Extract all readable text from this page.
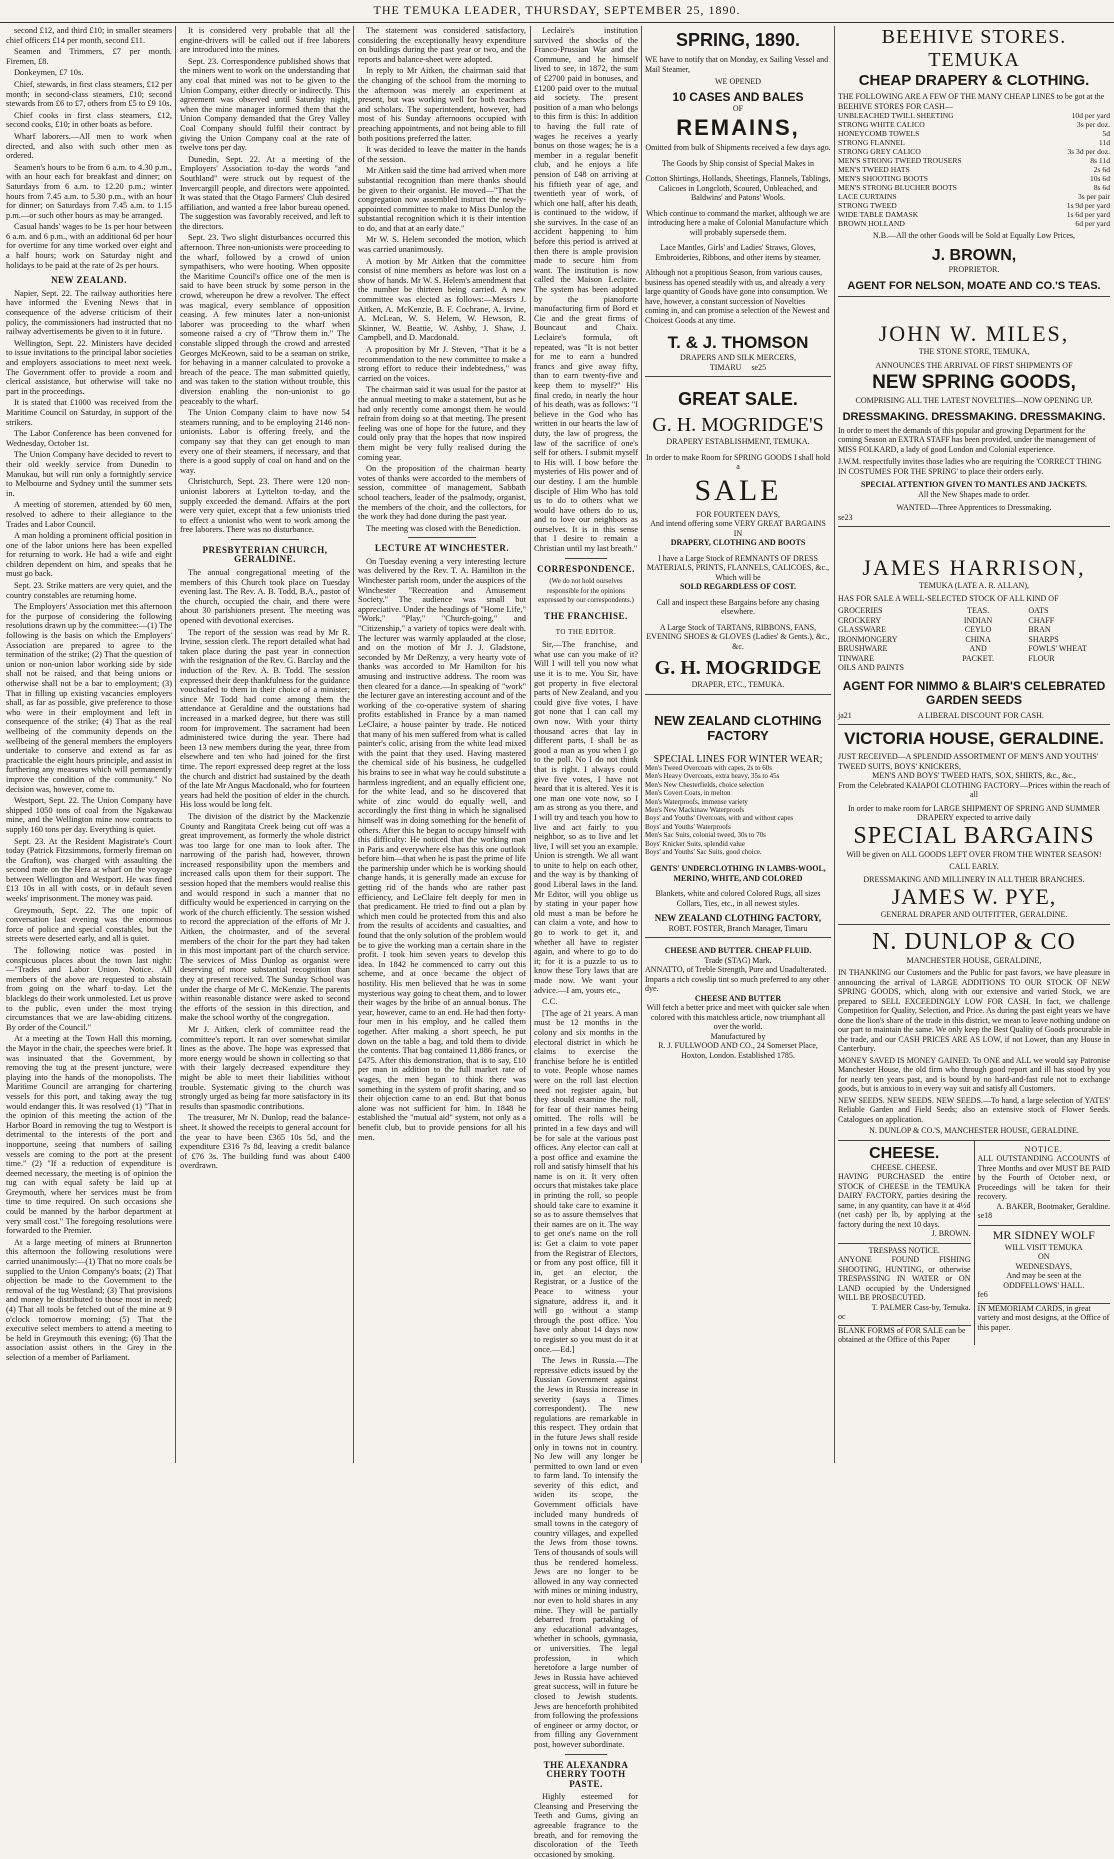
THE TEMUKA LEADER, THURSDAY, SEPTEMBER 25, 1890.

second £12, and third £10; in smaller steamers chief officers £14 per month, second £11.

Seamen and Trimmers, £7 per month. Firemen, £8.

Donkeymen, £7 10s.

Chief, stewards, in first class steamers, £12 per month; in second-class steamers, £10; second stewards from £6 to £7, others from £5 to £9 10s.

Chief cooks in first class steamers, £12, second cooks, £10; in other boats as before.

Wharf laborers.—All men to work when directed, and also with such other men as ordered.

Seamen's hours to be from 6 a.m. to 4.30 p.m., with an hour each for breakfast and dinner; on Saturdays from 6 a.m. to 12.20 p.m.; winter hours from 7.45 a.m. to 5.30 p.m., with an hour for dinner; on Saturdays from 7.45 a.m. to 1.15 p.m.—or such other hours as may be arranged.

Casual hands' wages to be 1s per hour between 6 a.m. and 6 p.m., with an additional 6d per hour for overtime for any time worked over eight and a half hours; work on Saturday night and holidays to be paid at the rate of 2s per hours.

NEW ZEALAND.

Napier, Sept. 22. The railway authorities here have informed the Evening News that in consequence of the adverse criticism of their policy, the commissioners had instructed that no railway advertisements be given to it in future.

Wellington, Sept. 22. Ministers have decided to issue invitations to the principal labor societies and employers associations to meet next week. The Government offer to provide a room and clerical assistance, but otherwise will take no part in the proceedings.

It is stated that £1000 was received from the Maritime Council on Saturday, in support of the strikers.

The Labor Conference has been convened for Wednesday, October 1st.

The Union Company have decided to revert to their old weekly service from Dunedin to Manukau, but will run only a fortnightly service to Melbourne and Sydney until the summer sets in.

A meeting of storemen, attended by 60 men, resolved to adhere to their allegiance to the Trades and Labor Council.

A man holding a prominent official position in one of the labor unions here has been expelled for returning to work. He had a wife and eight children dependent on him, and speaks that he must go back.

Sept. 23. Strike matters are very quiet, and the country constables are returning home.

The Employers' Association met this afternoon for the purpose of considering the following resolutions drawn up by the committee:—(1) The following is the basis on which the Employers' Association are prepared to agree to the termination of the strike; (2) That the question of union or non-union labor working side by side shall not be raised, and that being unions or otherwise shall not be a bar to employment; (3) That in filling up existing vacancies employers shall, as far as possible, give preference to those who were in their employment and left in consequence of the strike; (4) That as the real wellbeing of the community depends on the wellbeing of the general members the employers undertake to conserve and extend as far as practicable the eight hours principle, and assist in furthering any measures which will permanently improve the condition of the community." No decision was, however, come to.

Westport, Sept. 22. The Union Company have shipped 1050 tons of coal from the Ngakawau mine, and the Wellington mine now contracts to supply 160 tons per day. Everything is quiet.

Sept. 23. At the Resident Magistrate's Court today (Patrick Fitzsimmons, formerly fireman on the Grafton), was charged with assaulting the second mate on the Hera at wharf on the voyage between Wellington and Westport. He was fined £13 10s in all with costs, or in default seven weeks' imprisonment. The money was paid.

Greymouth, Sept. 22. The one topic of conversation last evening was the enormous force of police and special constables, but the streets were deserted early, and all is quiet.

The following notice was posted in conspicuous places about the town last night:—"Trades and Labor Union. Notice. All members of the above are requested to abstain from going on the wharf to-day. Let the blacklegs do their work unmolested. Let us prove to the public, even under the most trying circumstances that we are law-abiding citizens. By order of the Council."

At a meeting at the Town Hall this morning, the Mayor in the chair, the speeches were brief. It was insinuated that the Government, by removing the tug at the present juncture, were playing into the hands of the monopolists. The Maritime Council are arranging for chartering vessels for this port, and taking away the tug would endanger this. It was resolved (1) "That in the opinion of this meeting the action of the Harbor Board in removing the tug to Westport is detrimental to the interests of the port and inopportune, seeing that numbers of sailing vessels are coming to the port at the present time." (2) "If a reduction of expenditure is deemed necessary, the meeting is of opinion the tug can with equal safety be laid up at Greymouth, where her services must be from time to time required. On such occasions she could be manned by the harbor department at very small cost." The foregoing resolutions were forwarded to the Premier.

At a large meeting of miners at Brunnerton this afternoon the following resolutions were carried unanimously:—(1) That no more coals be supplied to the Union Company's boats; (2) That objection be made to the Government to the removal of the tug Westland; (3) That provisions and money be distributed to those most in need; (4) That all tools be fetched out of the mine at 9 o'clock tomorrow morning; (5) That the executive select members to attend a meeting to be held in Greymouth this evening; (6) That the association assist others in the Grey in the selection of a member of Parliament.

It is considered very probable that all the engine-drivers will be called out if free laborers are introduced into the mines.

Sept. 23. Correspondence published shows that the miners went to work on the understanding that any coal that mined was not to be given to the Union Company, either directly or indirectly. This agreement was observed until Saturday night, when the mine manager informed them that the Union Company demanded that the Grey Valley Coal Company should fulfil their contract by giving the Union Company coal at the rate of twelve tons per day.

Dunedin, Sept. 22. At a meeting of the Employers' Association to-day the words "and Southland" were struck out by request of the Invercargill people, and directors were appointed. It was stated that the Otago Farmers' Club desired affiliation, and wanted a free labor bureau opened. The suggestion was favorably received, and left to the directors.

Sept. 23. Two slight disturbances occurred this afternoon. Three non-unionists were proceeding to the wharf, followed by a crowd of union sympathisers, who were hooting. When opposite the Maritime Council's office one of the men is said to have been struck by some person in the crowd, whereupon he drew a revolver. The effect was magical, every semblance of opposition ceasing. A few minutes later a non-unionist laborer was proceeding to the wharf when someone raised a cry of "Throw them in." The constable slipped through the crowd and arrested Georges McKeown, said to be a seaman on strike, for behaving in a manner calculated to provoke a breach of the peace. The man submitted quietly, and was taken to the station without trouble, this diversion enabling the non-unionist to go peaceably to the wharf.

The Union Company claim to have now 54 steamers running, and to be employing 2146 non-unionists. Labor is offering freely, and the company say that they can get enough to man every one of their steamers, if necessary, and that there is a good supply of coal on hand and on the way.

Christchurch, Sept. 23. There were 120 non-unionist laborers at Lyttelton to-day, and the supply exceeded the demand. Affairs at the port were very quiet, except that a few unionists tried to effect a unionist who went to work among the free laborers. There was no disturbance.

PRESBYTERIAN CHURCH, GERALDINE.

The annual congregational meeting of the members of this Church took place on Tuesday evening last. The Rev. A. B. Todd, B.A., pastor of the church, occupied the chair, and there were about 30 parishioners present. The meeting was opened with devotional exercises.

The report of the session was read by Mr R. Irvine, session clerk. The report detailed what had taken place during the past year in connection with the resignation of the Rev. G. Barclay and the induction of the Rev. A. B. Todd. The session expressed their deep thankfulness for the guidance vouchsafed to them in their choice of a minister; since Mr Todd had come among them the attendance at Geraldine and the outstations had increased in a marked degree, but there was still room for improvement. The sacrament had been administered twice during the year. There had been 13 new members during the year, three from elsewhere and ten who had joined for the first time. The report expressed deep regret at the loss the church and district had sustained by the death of the late Mr Angus Macdonald, who for fourteen years had held the position of elder in the church. His loss would be long felt.

The division of the district by the Mackenzie County and Rangitata Creek being cut off was a great improvement, as formerly the whole district was too large for one man to look after. The narrowing of the parish had, however, thrown increased responsibility upon the members and increased calls upon them for their support. The session hoped that the members would realise this and would respond in such a manner that no difficulty would be experienced in carrying on the work of the church efficiently. The session wished to record the appreciation of the efforts of Mr J. Aitken, the choirmaster, and of the several members of the choir for the part they had taken in this most important part of the church service. The services of Miss Dunlop as organist were deserving of more substantial recognition than they at present received. The Sunday School was under the charge of Mr C. McKenzie. The parents within reasonable distance were asked to second the efforts of the session in this direction, and make the school worthy of the congregation.

Mr J. Aitken, clerk of committee read the committee's report. It ran over somewhat similar lines as the above. The hope was expressed that more energy would be shown in collecting so that with their largely decreased expenditure they might be able to meet their liabilities without trouble. Systematic giving to the church was strongly urged as being far more satisfactory in its results than spasmodic contributions.

The treasurer, Mr N. Dunlop, read the balance-sheet. It showed the receipts to general account for the year to have been £365 10s 5d, and the expenditure £316 7s 8d, leaving a credit balance of £76 3s. The building fund was about £400 overdrawn.

The statement was considered satisfactory, considering the exceptionally heavy expenditure on buildings during the past year or two, and the reports and balance-sheet were adopted.

In reply to Mr Aitken, the chairman said that the changing of the school from the morning to the afternoon was merely an experiment at present, but was working well for both teachers and scholars. The superintendent, however, had most of his Sunday afternoons occupied with preaching appointments, and not being able to fill both positions preferred the latter.

It was decided to leave the matter in the hands of the session.

Mr Aitken said the time had arrived when more substantial recognition than mere thanks should be given to their organist. He moved—"That the congregation now assembled instruct the newly-appointed committee to make to Miss Dunlop the substantial recognition which it is their intention to do, and that at an early date."

Mr W. S. Helem seconded the motion, which was carried unanimously.

A motion by Mr Aitken that the committee consist of nine members as before was lost on a show of hands. Mr W. S. Helem's amendment that the number be thirteen being carried. A new committee was elected as follows:—Messrs J. Aitken, A. McKenzie, B. F. Cochrane, A. Irvine, A. McLean, W. S. Helem, W. Hewson, R. Skinner, W. Beattie, W. Ashby, J. Shaw, J. Campbell, and D. Macdonald.

A proposition by Mr J. Steven, "That it be a recommendation to the new committee to make a strong effort to reduce their indebtedness," was carried on the voices.

The chairman said it was usual for the pastor at the annual meeting to make a statement, but as he had only recently come amongst them he would refrain from doing so at that meeting. The present feeling was one of hope for the future, and they could only pray that the hopes that now inspired them might be very fully realised during the coming year.

On the proposition of the chairman hearty votes of thanks were accorded to the members of session, committee of management, Sabbath school teachers, leader of the psalmody, organist, the members of the choir, and the collectors, for the work they had done during the past year.

The meeting was closed with the Benediction.

LECTURE AT WINCHESTER.

On Tuesday evening a very interesting lecture was delivered by the Rev. T. A. Hamilton in the Winchester parish room, under the auspices of the Winchester "Recreation and Amusement Society." The audience was small but appreciative. Under the headings of "Home Life," "Work," "Play," "Church-going," and "Citizenship," a variety of topics were dealt with. The lecturer was warmly applauded at the close, and on the motion of Mr J. J. Gladstone, seconded by Mr DeRenzy, a very hearty vote of thanks was accorded to Mr Hamilton for his amusing and instructive address. The room was then cleared for a dance.—In speaking of "work" the lecturer gave an interesting account and of the working of the co-operative system of sharing profits established in France by a man named LeClaire, a house painter by trade. He noticed that many of his men suffered from what is called painter's colic, arising from the white lead mixed with the paint that they used. Having mastered the chemical side of his business, he cudgelled his brains to see in what way he could substitute a harmless ingredient, and an equally efficient one, for the white lead, and so he discovered that white of zinc would do equally well, and accordingly the first thing in which he signalised himself was in doing something for the benefit of others. After this he began to occupy himself with this difficulty: He noticed that the working man in Paris and everywhere else has this one outlook before him—that when he is past the prime of life the partnership under which he is working should change hands, it is generally made an excuse for getting rid of the hands who are rather past efficiency, and LeClaire felt deeply for men in that predicament. He tried to find out a plan by which men could be protected from this and also from the results of accidents and casualties, and found that the only solution of the problem would be to give the working man a certain share in the profit. I took him seven years to develop this idea. In 1842 he commenced to carry out this scheme, and at once became the object of hostility. His men believed that he was in some mysterious way going to cheat them, and to lower their wages by the bribe of an annual bonus. The year, however, came to an end. He had then forty-four men in his employ, and he called them together. After making a short speech, he put down on the table a bag, and told them to divide the contents. That bag contained 11,886 francs, or £475. After this demonstration, that is to say, £10 per man in addition to the full market rate of wages, the men began to think there was something in the system of profit sharing, and so their objection came to an end. But that bonus alone was not sufficient for him. In 1848 he established the "mutual aid" system, not only as a benefit club, but to provide pensions for all his men.

Leclaire's institution survived the shocks of the Franco-Prussian War and the Commune, and he himself lived to see, in 1872, the sum of £2700 paid in bonuses, and £1200 paid over to the mutual aid society. The present position of a man who belongs to this firm is this: In addition to having the full rate of wages he receives a yearly bonus on those wages; he is a member in a regular benefit club, and he enjoys a life pension of £48 on arriving at his fiftieth year of age, and twentieth year of work, of which one half, after his death, is continued to the widow, if she survives. In the case of an accident happening to him before this period is arrived at then there is ample provision made to secure him from want. The institution is now called the Maison Leclaire. The system has been adopted by the pianoforte manufacturing firm of Bord et Cie and the great firms of Bouncaut and Chaix. Leclaire's formula, oft repeated, was "It is not better for me to earn a hundred francs and give away fifty, than to earn twenty-five and keep them to myself?" His final credo, in nearly the hour of his death, was as follows: "I believe in the God who has written in our hearts the law of duty, the law of progress, the law of the sacrifice of one's self for others. I submit myself to His will. I bow before the mysteries of His power and of our destiny. I am the humble disciple of Him Who has told us to do to others what we would have others do to us, and to love our neighbors as ourselves. It is in this sense that I desire to remain a Christian until my last breath."

CORRESPONDENCE.

(We do not hold ourselves responsible for the opinions expressed by our correspondents.)

THE FRANCHISE.
TO THE EDITOR.

Sir,—The franchise, and what use can you make of it? Will I will tell you now what use it is to me. You Sir, have got property in five electoral parts of New Zealand, and you could give five votes, I have got none that I can call my own now. With your thirty thousand acres that lay in different parts, I shall be as good a man as you when I go to the poll. No I do not think that is right. I always could give five votes, I have not heard that it is altered. Yes it is one man one vote now, so I am as strong as you there, and I will try and teach you how to live and act fairly to you neighbor, so as to live and let live, I will set you an example. Union is strength. We all want to unite to help on each other, and the way is by thanking of good Liberal laws in the land. Mr Editor, will you oblige us by stating in your paper how old must a man be before he can claim a vote, and how to go to work to get it, and whether all have to register again, and where to go to do it; for it is a puzzle to us to know these Tory laws that are made now. We want your advice.—I am, yours etc.,

C.C.

[The age of 21 years. A man must be 12 months in the colony and six months in the electoral district in which he claims to exercise the franchise before he is entitled to vote. People whose names were on the roll last election need not register again, but they should examine the roll, for fear of their names being omitted. The rolls will be printed in a few days and will be for sale at the various post offices. Any elector can call at a post office and examine the roll and satisfy himself that his name is on it. It very often occurs that mistakes take place in printing the roll, so people should take care to examine it so as to assure themselves that their names are on it. The way to get one's name on the roll is: Get a claim to vote paper from the Registrar of Electors, or from any post office, fill it in, get an elector, the Registrar, or a Justice of the Peace to witness your signature, address it, and it will go without a stamp through the post office. You have only about 14 days now to register so you must do it at once.—Ed.]

The Jews in Russia.—The repressive edicts issued by the Russian Government against the Jews in Russia increase in severity (says a Times correspondent). The new regulations are remarkable in this respect. They ordain that in the future Jews shall reside only in towns not in country. No Jew will any longer be permitted to own land or even to farm land. To intensify the severity of this edict, and widen its scope, the Government officials have included many hundreds of small towns in the category of country villages, and expelled the Jews from those towns. Tens of thousands of souls will thus be rendered homeless. Jews are no longer to be allowed in any way connected with mines or mining industry, nor even to hold shares in any mine. They will be partially debarred from partaking of any educational advantages, whether in schools, gymnasia, or universities. The legal profession, in which heretofore a large number of Jews in Russia have achieved great success, will in future be closed to Jewish students. Jews are henceforth prohibited from following the professions of engineer or army doctor, or from filling any Government post, however subordinate.

THE ALEXANDRA CHERRY TOOTH PASTE.

Highly esteemed for Cleansing and Preserving the Teeth and Gums, giving an agreeable fragrance to the breath, and for removing the discoloration of the Teeth occasioned by smoking.

SPRING, 1890.
WE have to notify that on Monday, ex Sailing Vessel and Mail Steamer,
WE OPENED
10 CASES AND BALES
OF
REMAINS,
Omitted from bulk of Shipments received a few days ago.
The Goods by Ship consist of Special Makes in
Cotton Shirtings, Hollands, Sheetings, Flannels, Tablings, Calicoes in Longcloth, Scoured, Unbleached, and Baldwins' and Patons' Wools.
Which continue to command the market, although we are introducing here a make of Colonial Manufacture which will probably supersede them.
Lace Mantles, Girls' and Ladies' Straws, Gloves, Embroideries, Ribbons, and other items by steamer.
Although not a propitious Season, from various causes, business has opened steadily with us, and already a very large quantity of Goods have gone into consumption. We have, however, a constant succession of Novelties coming in, and can promise a selection of the Newest and Choicest Goods at any time.
T. & J. THOMSON
DRAPERS AND SILK MERCERS,
TIMARU se25
GREAT SALE.
G. H. MOGRIDGE'S
DRAPERY ESTABLISHMENT, TEMUKA.
In order to make Room for SPRING GOODS I shall hold a
SALE
FOR FOURTEEN DAYS,
And intend offering some VERY GREAT BARGAINS
IN
DRAPERY, CLOTHING AND BOOTS
I have a Large Stock of REMNANTS OF DRESS MATERIALS, PRINTS, FLANNELS, CALICOES, &c.,
Which will be
SOLD REGARDLESS OF COST.
Call and inspect these Bargains before any chasing elsewhere.
A Large Stock of TARTANS, RIBBONS, FANS, EVENING SHOES & GLOVES (Ladies' & Gents.), &c., &c.
G. H. MOGRIDGE
DRAPER, ETC., TEMUKA.
NEW ZEALAND CLOTHING FACTORY
SPECIAL LINES FOR WINTER WEAR;
Men's Tweed Overcoats with capes, 2s to 60s
Men's Heavy Overcoats, extra heavy, 35s to 45s
Men's New Chesterfields, choice selection
Men's Covert Coats, in melton
Men's Waterproofs, immense variety
Men's New Mackinaw Waterproofs
Boys' and Youths' Overcoats, with and without capes
Boys' and Youths' Waterproofs
Men's Sac Suits, colonial tweed, 30s to 70s
Boys' Knicker Suits, splendid value
Boys' and Youths' Sac Suits, good choice.
GENTS' UNDERCLOTHING IN LAMBS-WOOL, MERINO, WHITE, AND COLORED
Blankets, white and colored Colored Rugs, all sizes Collars, Ties, etc., in all newest styles.
NEW ZEALAND CLOTHING FACTORY,
ROBT. FOSTER, Branch Manager, Timaru
CHEESE AND BUTTER. CHEAP FLUID.
Trade (STAG) Mark.
ANNATTO, of Treble Strength, Pure and Unadulterated. Imparts a rich cowslip tint so much preferred to any other dye.
CHEESE AND BUTTER
Will fetch a better price and meet with quicker sale when colored with this matchless article, now triumphant all over the world.
Manufactured by
R. J. FULLWOOD AND CO., 24 Somerset Place, Hoxton, London. Established 1785.
BEEHIVE STORES. TEMUKA
CHEAP DRAPERY & CLOTHING.
THE FOLLOWING ARE A FEW OF THE MANY CHEAP LINES to be got at the BEEHIVE STORES FOR CASH—
UNBLEACHED TWILL SHEETING	10d per yard
STRONG WHITE CALICO	3s per doz.
HONEYCOMB TOWELS	5d
STRONG FLANNEL	11d
STRONG GREY CALICO	3s 3d per doz.
MEN'S STRONG TWEED TROUSERS	8s 11d
MEN'S TWEED HATS	2s 6d
MEN'S SHOOTING BOOTS	10s 6d
MEN'S STRONG BLUCHER BOOTS	8s 6d
LACE CURTAINS	3s per pair
STRONG TWEED	1s 9d per yard
WIDE TABLE DAMASK	1s 6d per yard
BROWN HOLLAND	6d per yard
N.B.—All the other Goods will be Sold at Equally Low Prices,
J. BROWN,
PROPRIETOR.
AGENT FOR NELSON, MOATE AND CO.'S TEAS.
JOHN W. MILES,
THE STONE STORE, TEMUKA,
ANNOUNCES THE ARRIVAL OF FIRST SHIPMENTS OF
NEW SPRING GOODS,
COMPRISING ALL THE LATEST NOVELTIES—NOW OPENING UP.
DRESSMAKING. DRESSMAKING. DRESSMAKING.
In order to meet the demands of this popular and growing Department for the coming Season an EXTRA STAFF has been provided, under the management of MISS FOLKARD, a lady of good London and Colonial experience.
J.W.M. respectfully invites those ladies who are requiring the 'CORRECT THING IN COSTUMES FOR THE SPRING' to place their orders early.
SPECIAL ATTENTION GIVEN TO MANTLES AND JACKETS.
All the New Shapes made to order.
WANTED—Three Apprentices to Dressmaking.
se23
JAMES HARRISON,
TEMUKA (LATE A. R. ALLAN),
HAS FOR SALE A WELL-SELECTED STOCK OF ALL KIND OF
GROCERIES
CROCKERY
GLASSWARE
IRONMONGERY
BRUSHWARE
TINWARE
OILS AND PAINTS
TEAS.
INDIAN
CEYLO
CHINA
AND
PACKET.
OATS
CHAFF
BRAN
SHARPS
FOWLS' WHEAT
FLOUR
AGENT FOR NIMMO & BLAIR'S CELEBRATED GARDEN SEEDS
ja21	A LIBERAL DISCOUNT FOR CASH.
VICTORIA HOUSE, GERALDINE.
JUST RECEIVED—A SPLENDID ASSORTMENT OF MEN'S AND YOUTHS' TWEED SUITS, BOYS' KNICKERS,
MEN'S AND BOYS' TWEED HATS, SOX, SHIRTS, &c., &c.,
From the Celebrated KAIAPOI CLOTHING FACTORY—Prices within the reach of all
In order to make room for LARGE SHIPMENT OF SPRING AND SUMMER DRAPERY expected to arrive daily
SPECIAL BARGAINS
Will be given on ALL GOODS LEFT OVER FROM THE WINTER SEASON!
CALL EARLY.
DRESSMAKING AND MILLINERY IN ALL THEIR BRANCHES.
JAMES W. PYE,
GENERAL DRAPER AND OUTFITTER, GERALDINE.
N. DUNLOP & CO
MANCHESTER HOUSE, GERALDINE,
IN THANKING our Customers and the Public for past favors, we have pleasure in announcing the arrival of LARGE ADDITIONS TO OUR STOCK OF NEW SPRING GOODS, which, along with our extensive and varied Stock, we are prepared to SELL EXCEEDINGLY LOW FOR CASH. In fact, we challenge Competition for Quality, Selection, and Price. As during the past eight years we have done the lion's share of the trade in this district, we mean to leave nothing undone on our part to maintain the same. We only keep the Best Quality of Goods procurable in the trade, and our CASH PRICES ARE AS LOW, if not Lower, than any House in Canterbury.
MONEY SAVED IS MONEY GAINED. To ONE and ALL we would say Patronise Manchester House, the old firm who through good report and ill has stood by you for nearly ten years past, and is bound by no hard-and-fast rule not to exchange goods, but is anxious to in every way suit and satisfy all Customers.
NEW SEEDS. NEW SEEDS. NEW SEEDS.—To hand, a large selection of YATES' Reliable Garden and Field Seeds; also an extensive stock of Flower Seeds. Catalogues on application.
N. DUNLOP & CO.'S, MANCHESTER HOUSE, GERALDINE.
CHEESE.
CHEESE. CHEESE.
HAVING PURCHASED the entire STOCK of CHEESE in the TEMUKA DAIRY FACTORY, parties desiring the same, in any quantity, can have it at 4½d (net cash) per lb, by applying at the factory during the next 10 days.
J. BROWN.
TRESPASS NOTICE.
ANYONE FOUND FISHING SHOOTING, HUNTING, or otherwise TRESPASSING IN WATER or ON LAND occupied by the Undersigned WILL BE PROSECUTED.
T. PALMER Cass-by, Temuka.
oc
BLANK FORMS of FOR SALE can be obtained at the Office of this Paper
NOTICE.
ALL OUTSTANDING ACCOUNTS of Three Months and over MUST BE PAID by the Fourth of October next, or Proceedings will be taken for their recovery.
A. BAKER, Bootmaker, Geraldine.
se18
MR SIDNEY WOLF
WILL VISIT TEMUKA
ON
WEDNESDAYS,
And may be seen at the
ODDFELLOWS' HALL.
fe6
IN MEMORIAM CARDS, in great variety and most designs, at the Office of this paper.
